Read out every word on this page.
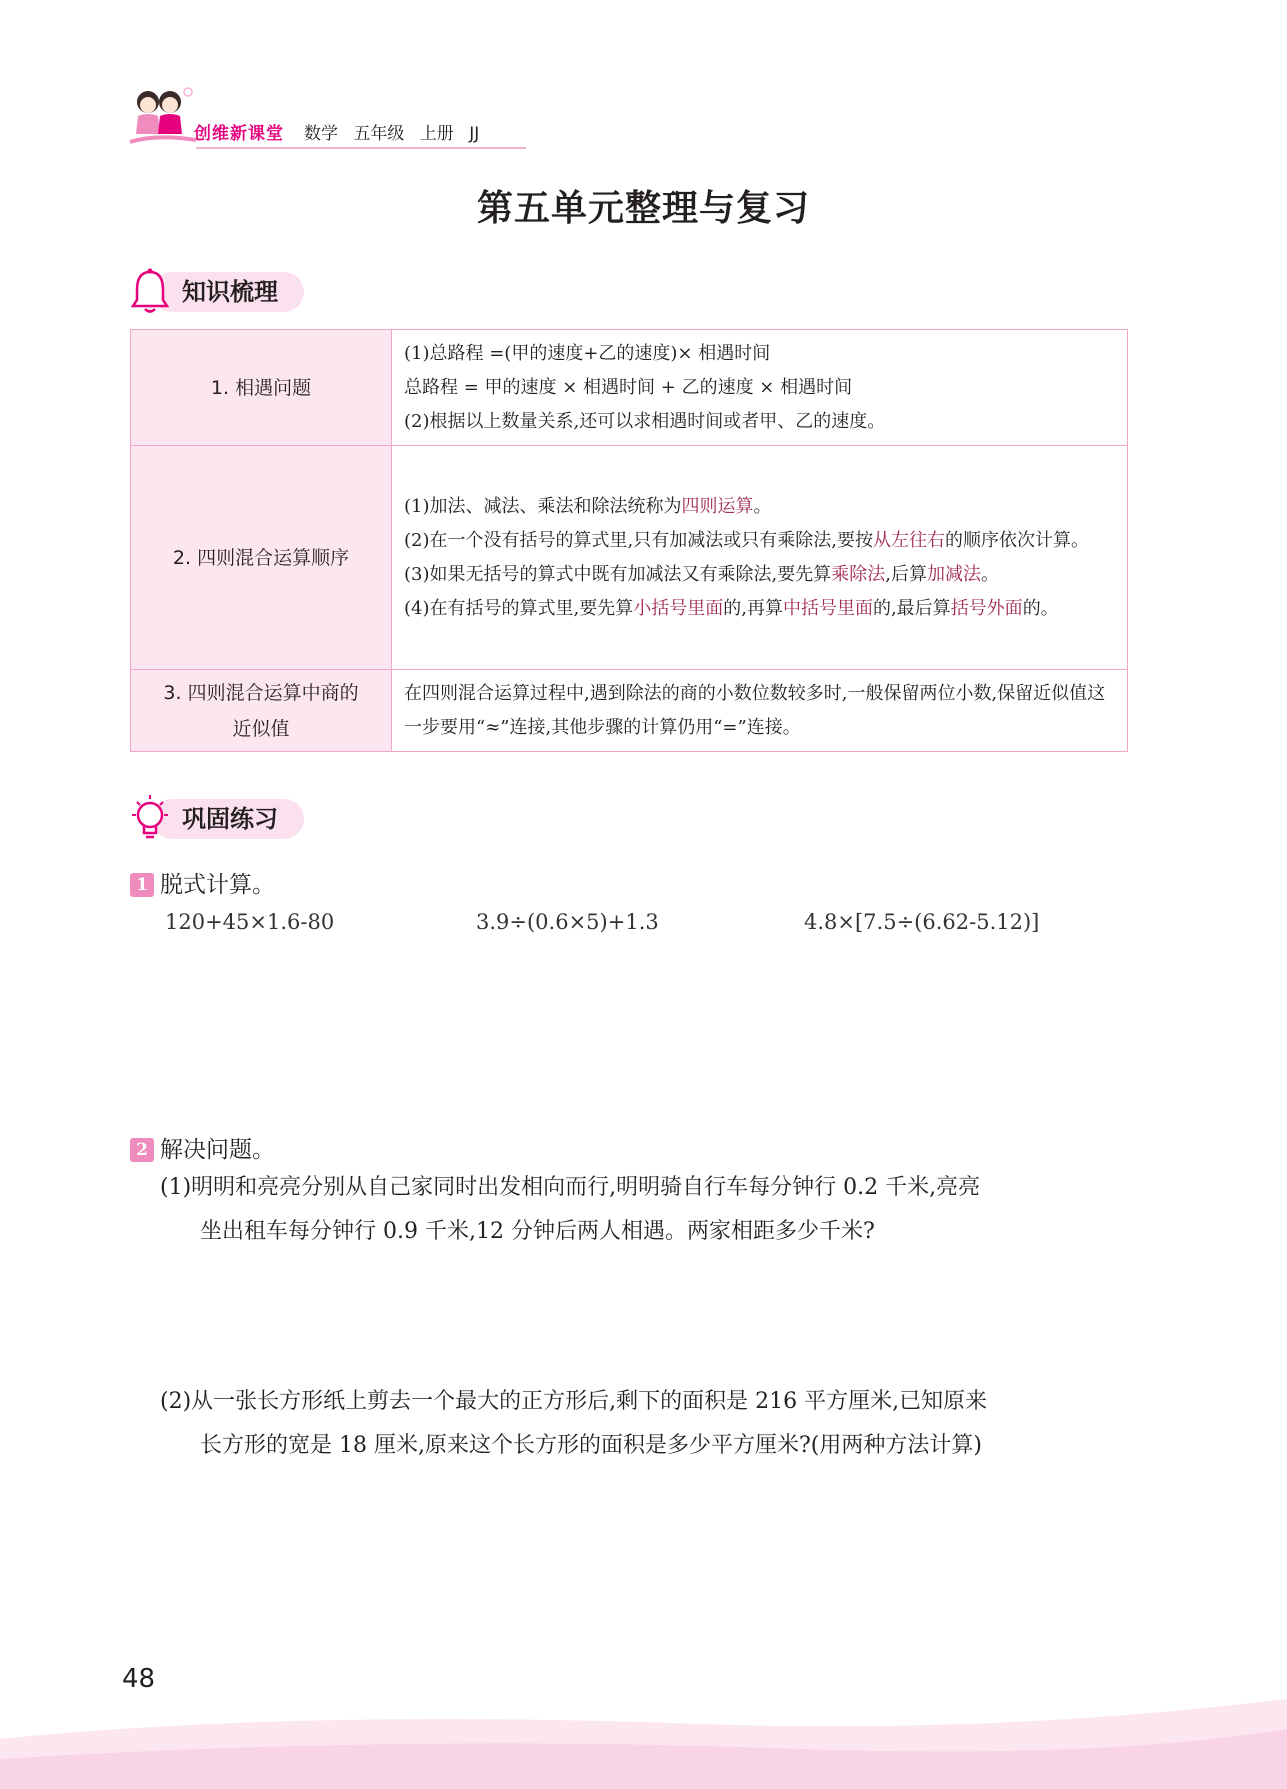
创维新课堂 数学 五年级 上册 JJ
第五单元整理与复习
知识梳理
1. 相遇问题	(1)总路程 =(甲的速度+乙的速度)× 相遇时间
总路程 = 甲的速度 × 相遇时间 + 乙的速度 × 相遇时间
(2)根据以上数量关系,还可以求相遇时间或者甲、乙的速度。

2. 四则混合运算顺序	(1)加法、减法、乘法和除法统称为四则运算。
(2)在一个没有括号的算式里,只有加减法或只有乘除法,要按从左往右的顺序依次计算。
(3)如果无括号的算式中既有加减法又有乘除法,要先算乘除法,后算加减法。
(4)在有括号的算式里,要先算小括号里面的,再算中括号里面的,最后算括号外面的。

3. 四则混合运算中商的
近似值	在四则混合运算过程中,遇到除法的商的小数位数较多时,一般保留两位小数,保留近似值这一步要用“≈”连接,其他步骤的计算仍用“=”连接。
巩固练习
1 脱式计算。
120+45×1.6-80	3.9÷(0.6×5)+1.3	4.8×[7.5÷(6.62-5.12)]
2 解决问题。
(1)明明和亮亮分别从自己家同时出发相向而行,明明骑自行车每分钟行 0.2 千米,亮亮
坐出租车每分钟行 0.9 千米,12 分钟后两人相遇。两家相距多少千米?
(2)从一张长方形纸上剪去一个最大的正方形后,剩下的面积是 216 平方厘米,已知原来
长方形的宽是 18 厘米,原来这个长方形的面积是多少平方厘米?(用两种方法计算)
48
